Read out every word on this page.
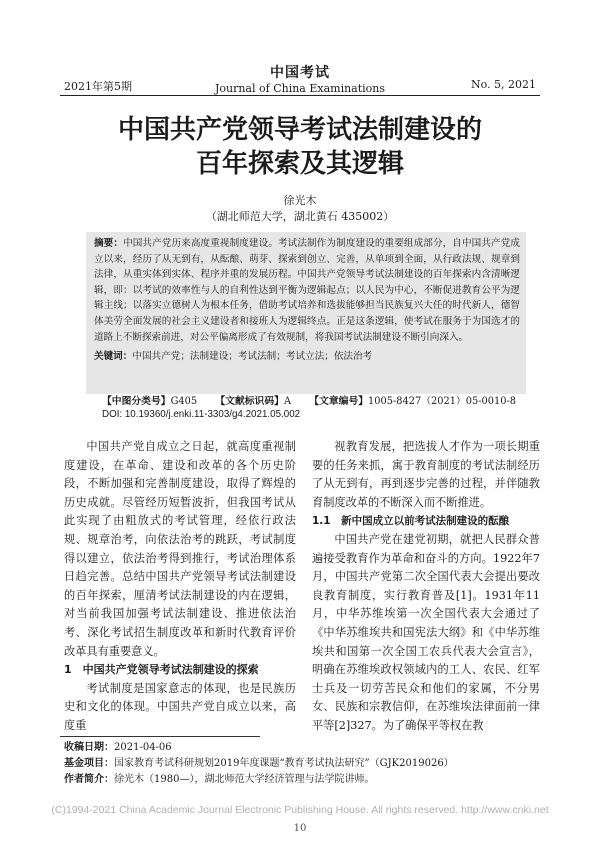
2021年第5期
中国考试
Journal of China Examinations	No. 5, 2021
中国共产党领导考试法制建设的
百年探索及其逻辑
徐光木
（湖北师范大学，湖北黄石 435002）
摘要：中国共产党历来高度重视制度建设。考试法制作为制度建设的重要组成部分，自中国共产党成立以来，经历了从无到有，从酝酿、萌芽、探索到创立、完善，从单项到全面，从行政法规、规章到法律，从重实体到实体、程序并重的发展历程。中国共产党领导考试法制建设的百年探索内含清晰逻辑，即：以考试的效率性与人的自利性达到平衡为逻辑起点；以人民为中心，不断促进教育公平为逻辑主线；以落实立德树人为根本任务，借助考试培养和选拔能够担当民族复兴大任的时代新人，德智体美劳全面发展的社会主义建设者和接班人为逻辑终点。正是这条逻辑，使考试在服务于为国选才的道路上不断探索前进，对公平偏离形成了有效规制，将我国考试法制建设不断引向深入。
关键词：中国共产党；法制建设；考试法制；考试立法；依法治考
【中图分类号】G405 【文献标识码】A 【文章编号】1005-8427（2021）05-0010-8
DOI: 10.19360/j.enki.11-3303/g4.2021.05.002

中国共产党自成立之日起，就高度重视制度建设，在革命、建设和改革的各个历史阶段，不断加强和完善制度建设，取得了辉煌的历史成就。尽管经历短暂波折，但我国考试从此实现了由粗放式的考试管理，经依行政法规、规章治考，向依法治考的跳跃，考试制度得以建立，依法治考得到推行，考试治理体系日趋完善。总结中国共产党领导考试法制建设的百年探索，厘清考试法制建设的内在逻辑，对当前我国加强考试法制建设、推进依法治考、深化考试招生制度改革和新时代教育评价改革具有重要意义。

1　中国共产党领导考试法制建设的探索

考试制度是国家意志的体现，也是民族历史和文化的体现。中国共产党自成立以来，高度重

视教育发展，把选拔人才作为一项长期重要的任务来抓，寓于教育制度的考试法制经历了从无到有，再到逐步完善的过程，并伴随教育制度改革的不断深入而不断推进。

1.1　新中国成立以前考试法制建设的酝酿

中国共产党在建党初期，就把人民群众普遍接受教育作为革命和奋斗的方向。1922年7月，中国共产党第二次全国代表大会提出要改良教育制度，实行教育普及[1]。1931年11月，中华苏维埃第一次全国代表大会通过了《中华苏维埃共和国宪法大纲》和《中华苏维埃共和国第一次全国工农兵代表大会宣言》，明确在苏维埃政权领域内的工人、农民、红军士兵及一切劳苦民众和他们的家属，不分男女、民族和宗教信仰，在苏维埃法律面前一律平等[2]327。为了确保平等权在教

收稿日期：2021-04-06
基金项目：国家教育考试科研规划2019年度课题“教育考试执法研究”（GJK2019026）
作者简介：徐光木（1980—），湖北师范大学经济管理与法学院讲师。
(C)1994-2021 China Academic Journal Electronic Publishing House. All rights reserved. http://www.cnki.net
10
